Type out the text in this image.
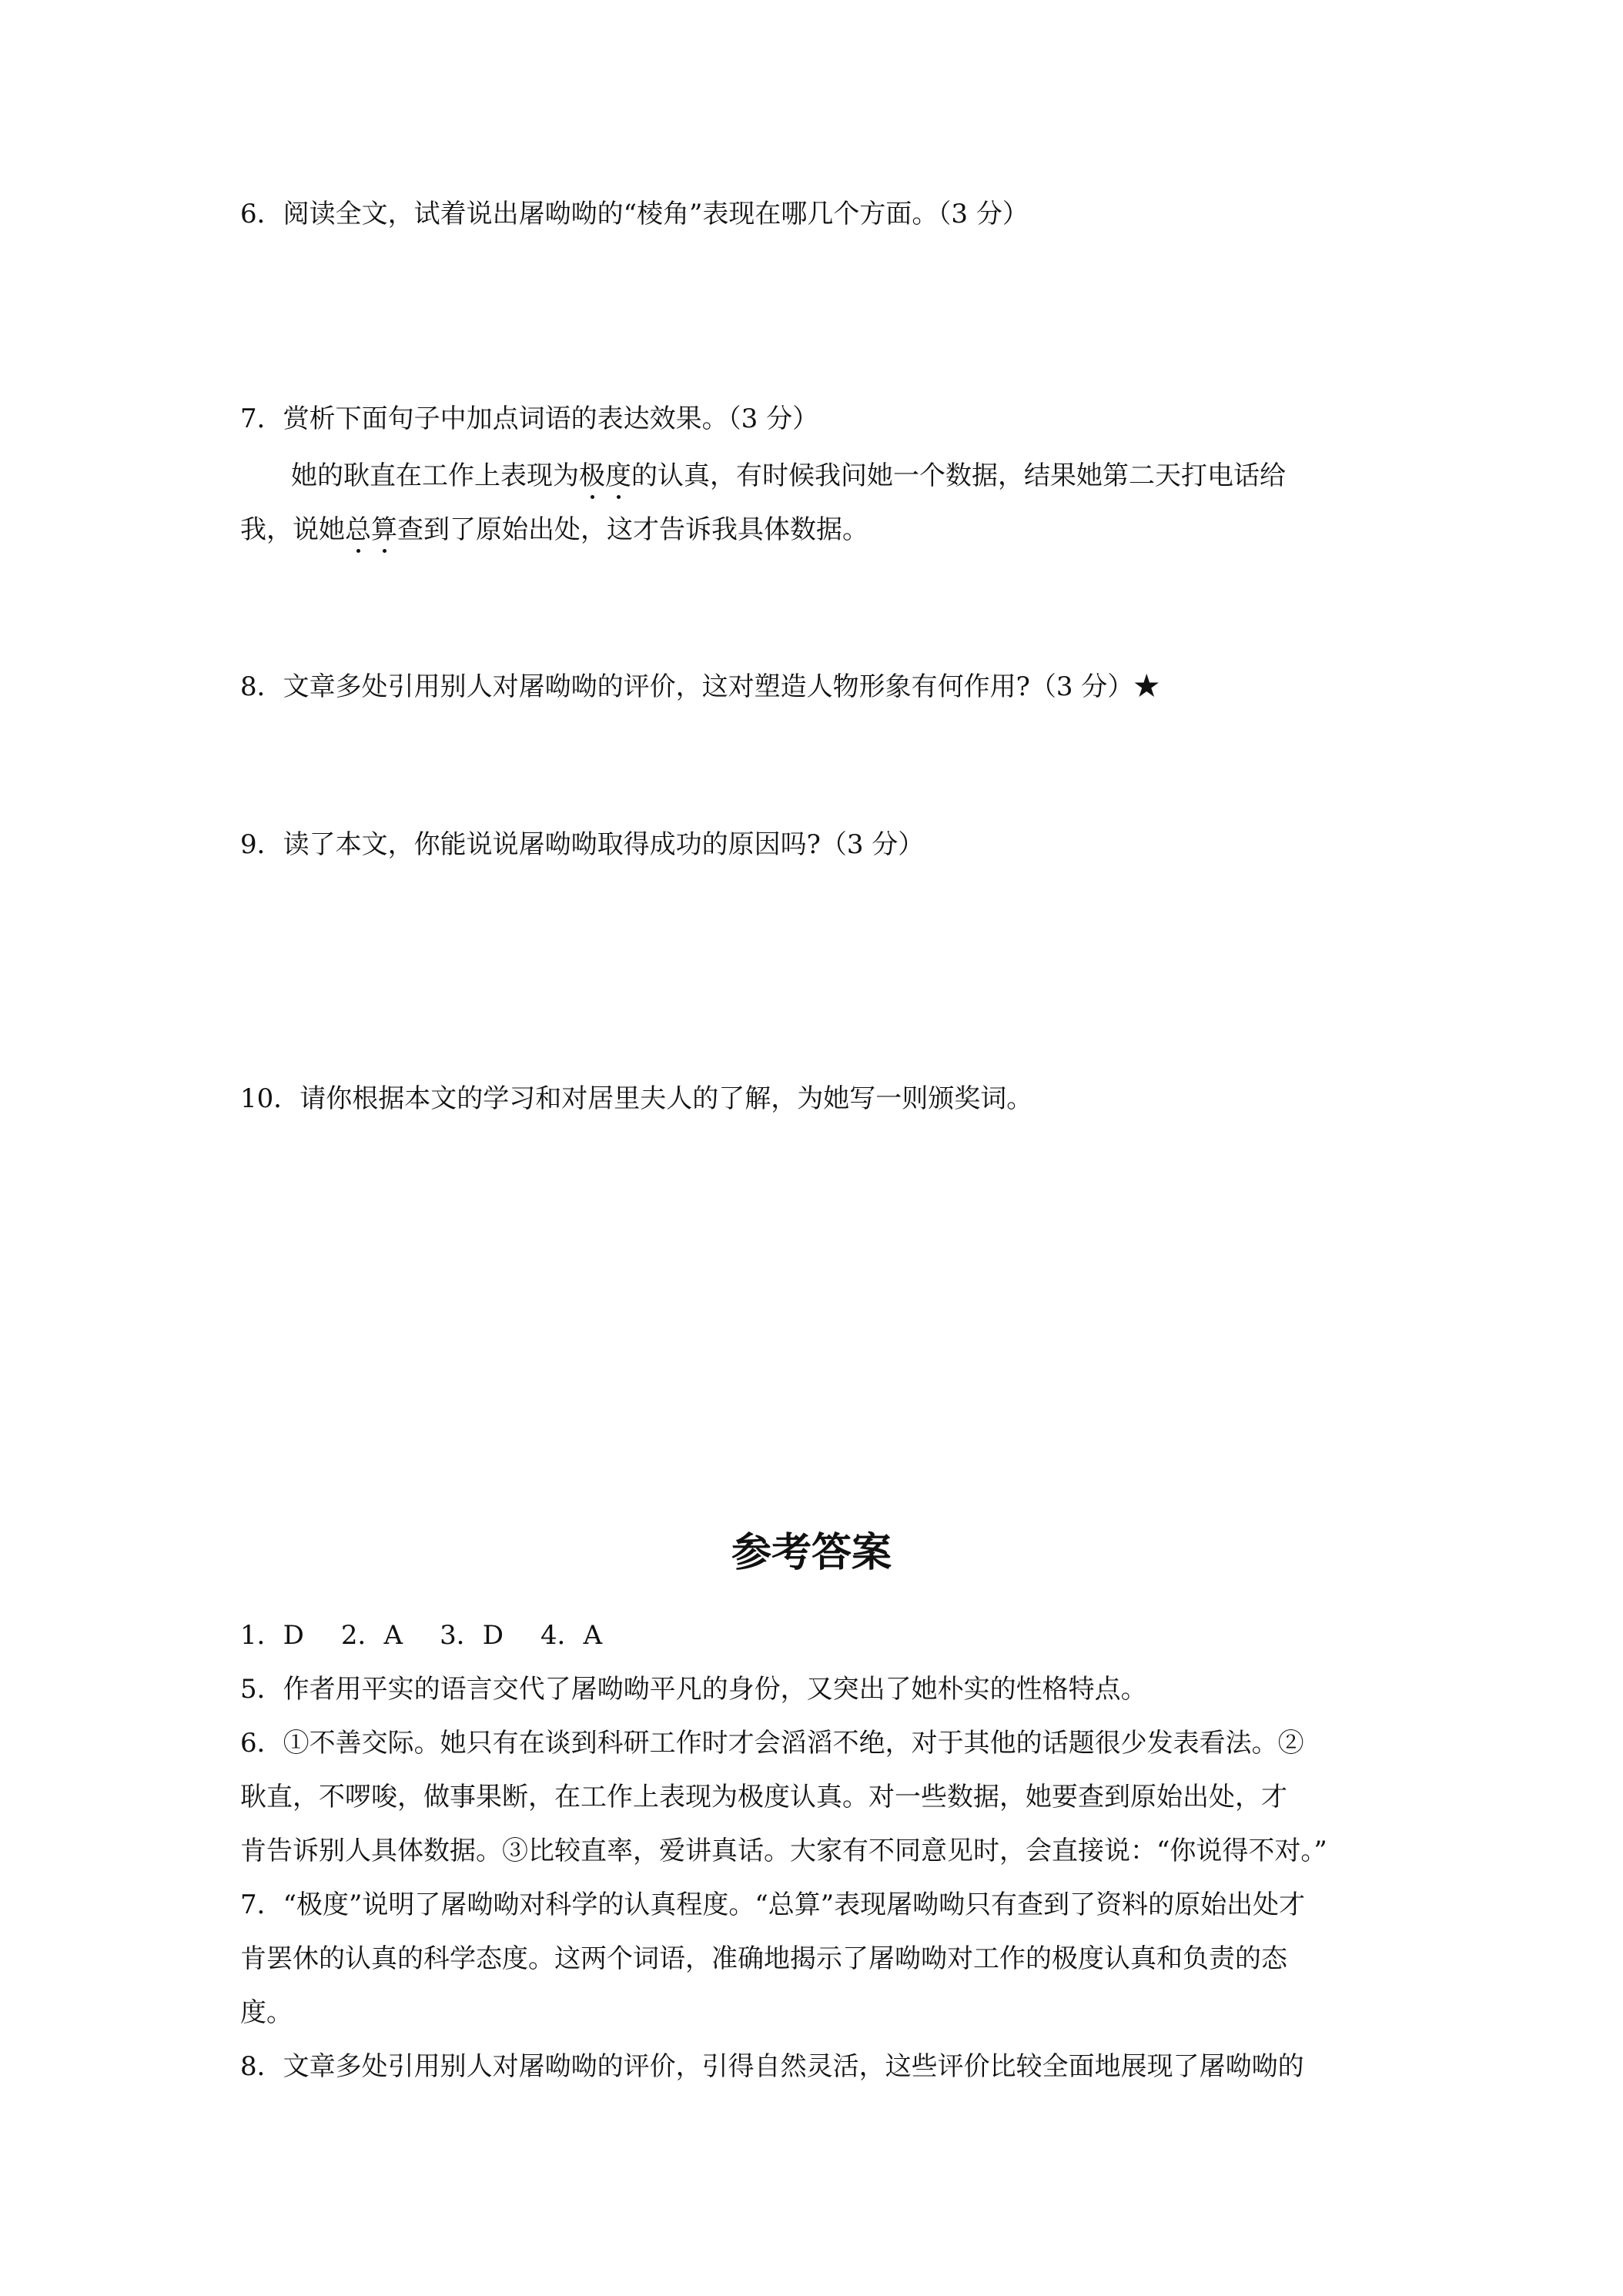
6．阅读全文，试着说出屠呦呦的“棱角”表现在哪几个方面。（3 分）
7．赏析下面句子中加点词语的表达效果。（3 分）
她的耿直在工作上表现为极度的认真，有时候我问她一个数据，结果她第二天打电话给
我，说她总算查到了原始出处，这才告诉我具体数据。
8．文章多处引用别人对屠呦呦的评价，这对塑造人物形象有何作用?（3 分）★
9．读了本文，你能说说屠呦呦取得成功的原因吗?（3 分）
10．请你根据本文的学习和对居里夫人的了解，为她写一则颁奖词。
参考答案
1．D 2．A 3．D 4．A
5．作者用平实的语言交代了屠呦呦平凡的身份，又突出了她朴实的性格特点。
6．①不善交际。她只有在谈到科研工作时才会滔滔不绝，对于其他的话题很少发表看法。②
耿直，不啰唆，做事果断，在工作上表现为极度认真。对一些数据，她要查到原始出处，才
肯告诉别人具体数据。③比较直率，爱讲真话。大家有不同意见时，会直接说：“你说得不对。”
7．“极度”说明了屠呦呦对科学的认真程度。“总算”表现屠呦呦只有查到了资料的原始出处才
肯罢休的认真的科学态度。这两个词语，准确地揭示了屠呦呦对工作的极度认真和负责的态
度。
8．文章多处引用别人对屠呦呦的评价，引得自然灵活，这些评价比较全面地展现了屠呦呦的
